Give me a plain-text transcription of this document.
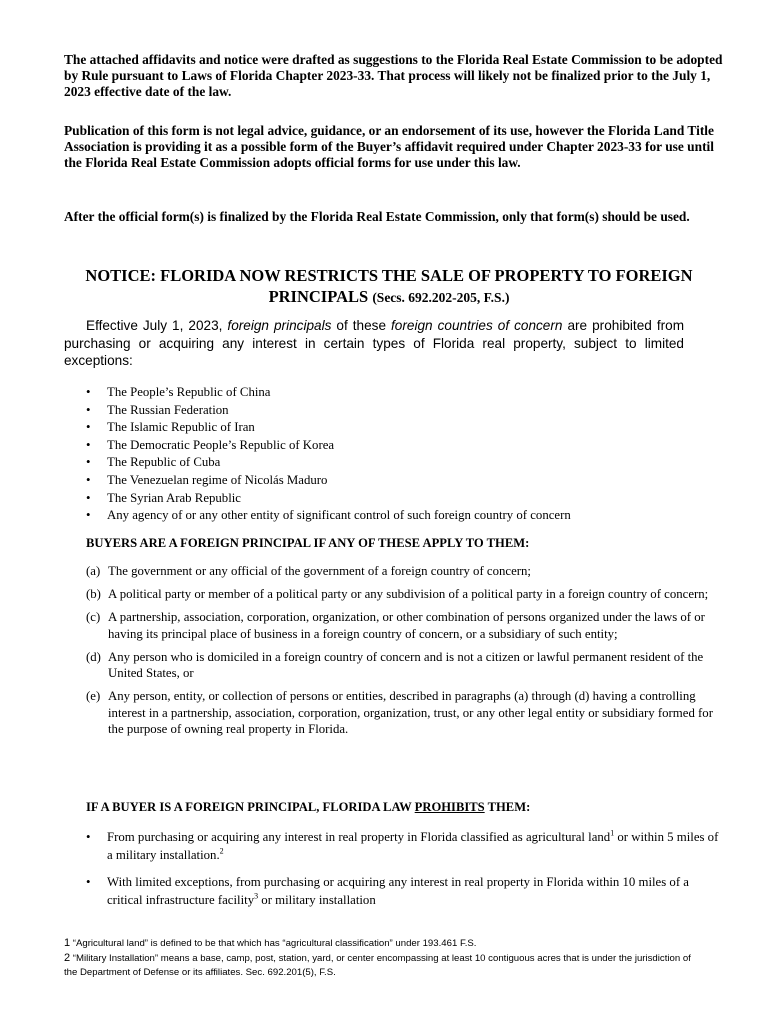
The attached affidavits and notice were drafted as suggestions to the Florida Real Estate Commission to be adopted by Rule pursuant to Laws of Florida Chapter 2023-33. That process will likely not be finalized prior to the July 1, 2023 effective date of the law.

Publication of this form is not legal advice, guidance, or an endorsement of its use, however the Florida Land Title Association is providing it as a possible form of the Buyer’s affidavit required under Chapter 2023-33 for use until the Florida Real Estate Commission adopts official forms for use under this law.

After the official form(s) is finalized by the Florida Real Estate Commission, only that form(s) should be used.

NOTICE: FLORIDA NOW RESTRICTS THE SALE OF PROPERTY TO FOREIGN PRINCIPALS (Secs. 692.202-205, F.S.)

Effective July 1, 2023, foreign principals of these foreign countries of concern are prohibited from purchasing or acquiring any interest in certain types of Florida real property, subject to limited exceptions:

• The People’s Republic of China
• The Russian Federation
• The Islamic Republic of Iran
• The Democratic People’s Republic of Korea
• The Republic of Cuba
• The Venezuelan regime of Nicolás Maduro
• The Syrian Arab Republic
• Any agency of or any other entity of significant control of such foreign country of concern
BUYERS ARE A FOREIGN PRINCIPAL IF ANY OF THESE APPLY TO THEM:
(a) The government or any official of the government of a foreign country of concern;
(b) A political party or member of a political party or any subdivision of a political party in a foreign country of concern;
(c) A partnership, association, corporation, organization, or other combination of persons organized under the laws of or having its principal place of business in a foreign country of concern, or a subsidiary of such entity;
(d) Any person who is domiciled in a foreign country of concern and is not a citizen or lawful permanent resident of the United States, or
(e) Any person, entity, or collection of persons or entities, described in paragraphs (a) through (d) having a controlling interest in a partnership, association, corporation, organization, trust, or any other legal entity or subsidiary formed for the purpose of owning real property in Florida.
IF A BUYER IS A FOREIGN PRINCIPAL, FLORIDA LAW PROHIBITS THEM:
• From purchasing or acquiring any interest in real property in Florida classified as agricultural land$^1$ or within 5 miles of a military installation.$^2$
• With limited exceptions, from purchasing or acquiring any interest in real property in Florida within 10 miles of a critical infrastructure facility$^3$ or military installation
1 “Agricultural land” is defined to be that which has “agricultural classification” under 193.461 F.S.
2 “Military Installation” means a base, camp, post, station, yard, or center encompassing at least 10 contiguous acres that is under the jurisdiction of the Department of Defense or its affiliates. Sec. 692.201(5), F.S.
